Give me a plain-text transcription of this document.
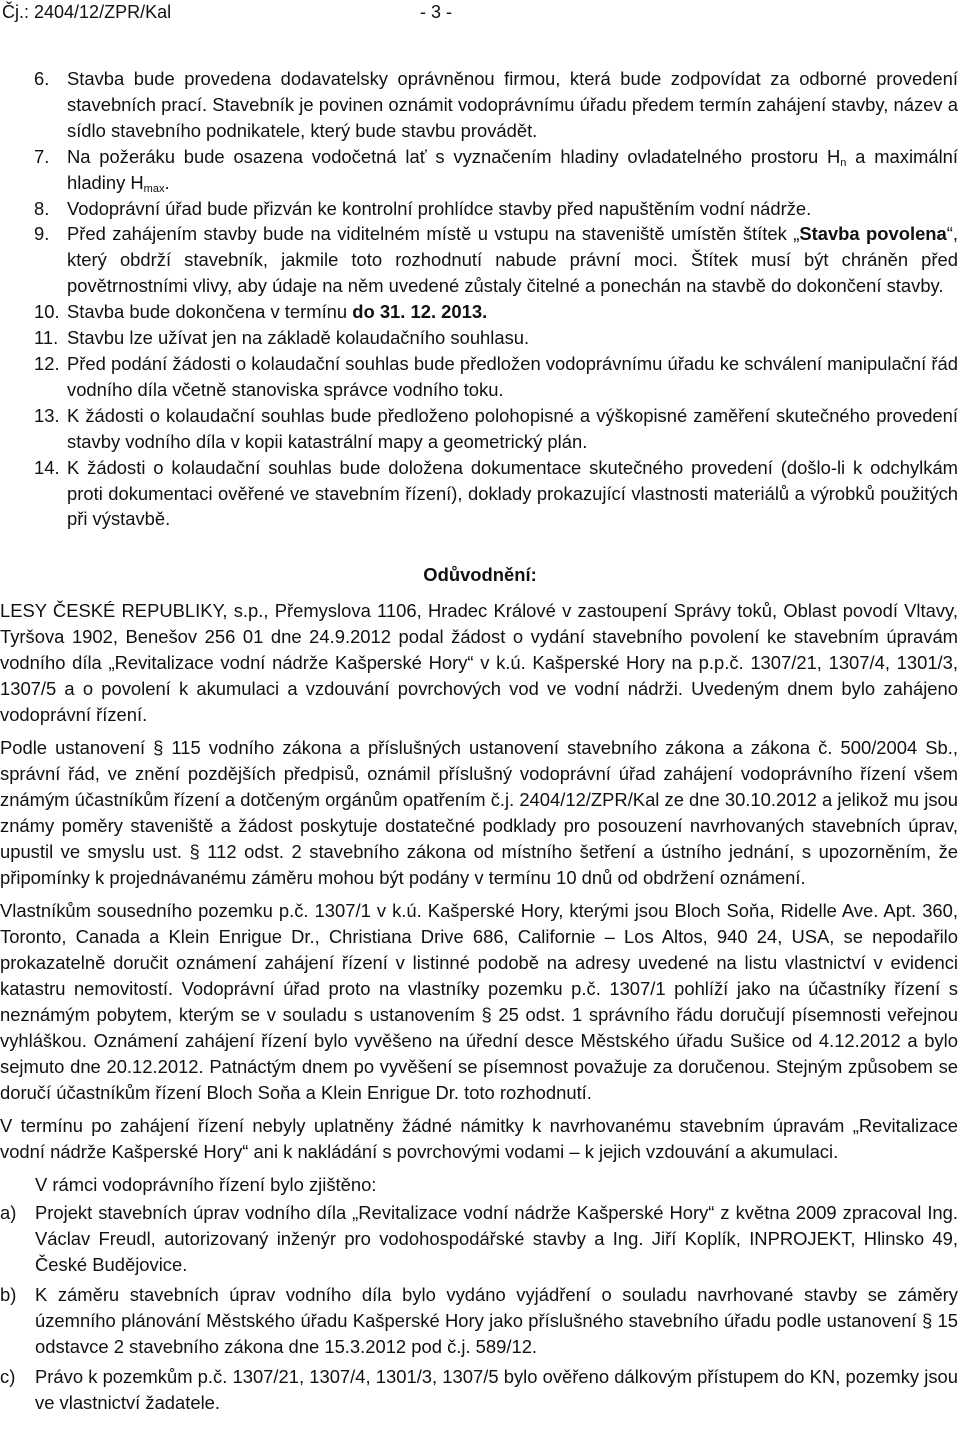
Čj.: 2404/12/ZPR/Kal	- 3 -
6. Stavba bude provedena dodavatelsky oprávněnou firmou, která bude zodpovídat za odborné provedení stavebních prací. Stavebník je povinen oznámit vodoprávnímu úřadu předem termín zahájení stavby, název a sídlo stavebního podnikatele, který bude stavbu provádět.
7. Na požeráku bude osazena vodočetná lať s vyznačením hladiny ovladatelného prostoru $H_n$ a maximální hladiny $H_{max}$.
8. Vodoprávní úřad bude přizván ke kontrolní prohlídce stavby před napuštěním vodní nádrže.
9. Před zahájením stavby bude na viditelném místě u vstupu na staveniště umístěn štítek „Stavba povolena“, který obdrží stavebník, jakmile toto rozhodnutí nabude právní moci. Štítek musí být chráněn před povětrnostními vlivy, aby údaje na něm uvedené zůstaly čitelné a ponechán na stavbě do dokončení stavby.
10. Stavba bude dokončena v termínu do 31. 12. 2013.
11. Stavbu lze užívat jen na základě kolaudačního souhlasu.
12. Před podání žádosti o kolaudační souhlas bude předložen vodoprávnímu úřadu ke schválení manipulační řád vodního díla včetně stanoviska správce vodního toku.
13. K žádosti o kolaudační souhlas bude předloženo polohopisné a výškopisné zaměření skutečného provedení stavby vodního díla v kopii katastrální mapy a geometrický plán.
14. K žádosti o kolaudační souhlas bude doložena dokumentace skutečného provedení (došlo-li k odchylkám proti dokumentaci ověřené ve stavebním řízení), doklady prokazující vlastnosti materiálů a výrobků použitých při výstavbě.
Odůvodnění:

LESY ČESKÉ REPUBLIKY, s.p., Přemyslova 1106, Hradec Králové v zastoupení Správy toků, Oblast povodí Vltavy, Tyršova 1902, Benešov 256 01 dne 24.9.2012 podal žádost o vydání stavebního povolení ke stavebním úpravám vodního díla „Revitalizace vodní nádrže Kašperské Hory“ v k.ú. Kašperské Hory na p.p.č. 1307/21, 1307/4, 1301/3, 1307/5 a o povolení k akumulaci a vzdouvání povrchových vod ve vodní nádrži. Uvedeným dnem bylo zahájeno vodoprávní řízení.

Podle ustanovení § 115 vodního zákona a příslušných ustanovení stavebního zákona a zákona č. 500/2004 Sb., správní řád, ve znění pozdějších předpisů, oznámil příslušný vodoprávní úřad zahájení vodoprávního řízení všem známým účastníkům řízení a dotčeným orgánům opatřením č.j. 2404/12/ZPR/Kal ze dne 30.10.2012 a jelikož mu jsou známy poměry staveniště a žádost poskytuje dostatečné podklady pro posouzení navrhovaných stavebních úprav, upustil ve smyslu ust. § 112 odst. 2 stavebního zákona od místního šetření a ústního jednání, s upozorněním, že připomínky k projednávanému záměru mohou být podány v termínu 10 dnů od obdržení oznámení.

Vlastníkům sousedního pozemku p.č. 1307/1 v k.ú. Kašperské Hory, kterými jsou Bloch Soňa, Ridelle Ave. Apt. 360, Toronto, Canada a Klein Enrigue Dr., Christiana Drive 686, Californie – Los Altos, 940 24, USA, se nepodařilo prokazatelně doručit oznámení zahájení řízení v listinné podobě na adresy uvedené na listu vlastnictví v evidenci katastru nemovitostí. Vodoprávní úřad proto na vlastníky pozemku p.č. 1307/1 pohlíží jako na účastníky řízení s neznámým pobytem, kterým se v souladu s ustanovením § 25 odst. 1 správního řádu doručují písemnosti veřejnou vyhláškou. Oznámení zahájení řízení bylo vyvěšeno na úřední desce Městského úřadu Sušice od 4.12.2012 a bylo sejmuto dne 20.12.2012. Patnáctým dnem po vyvěšení se písemnost považuje za doručenou. Stejným způsobem se doručí účastníkům řízení Bloch Soňa a Klein Enrigue Dr. toto rozhodnutí.

V termínu po zahájení řízení nebyly uplatněny žádné námitky k navrhovanému stavebním úpravám „Revitalizace vodní nádrže Kašperské Hory“ ani k nakládání s povrchovými vodami – k jejich vzdouvání a akumulaci.

V rámci vodoprávního řízení bylo zjištěno:

a)	Projekt stavebních úprav vodního díla „Revitalizace vodní nádrže Kašperské Hory“ z května 2009 zpracoval Ing. Václav Freudl, autorizovaný inženýr pro vodohospodářské stavby a Ing. Jiří Koplík, INPROJEKT, Hlinsko 49, České Budějovice.
b)	K záměru stavebních úprav vodního díla bylo vydáno vyjádření o souladu navrhované stavby se záměry územního plánování Městského úřadu Kašperské Hory jako příslušného stavebního úřadu podle ustanovení § 15 odstavce 2 stavebního zákona dne 15.3.2012 pod č.j. 589/12.
c)	Právo k pozemkům p.č. 1307/21, 1307/4, 1301/3, 1307/5 bylo ověřeno dálkovým přístupem do KN, pozemky jsou ve vlastnictví žadatele.
